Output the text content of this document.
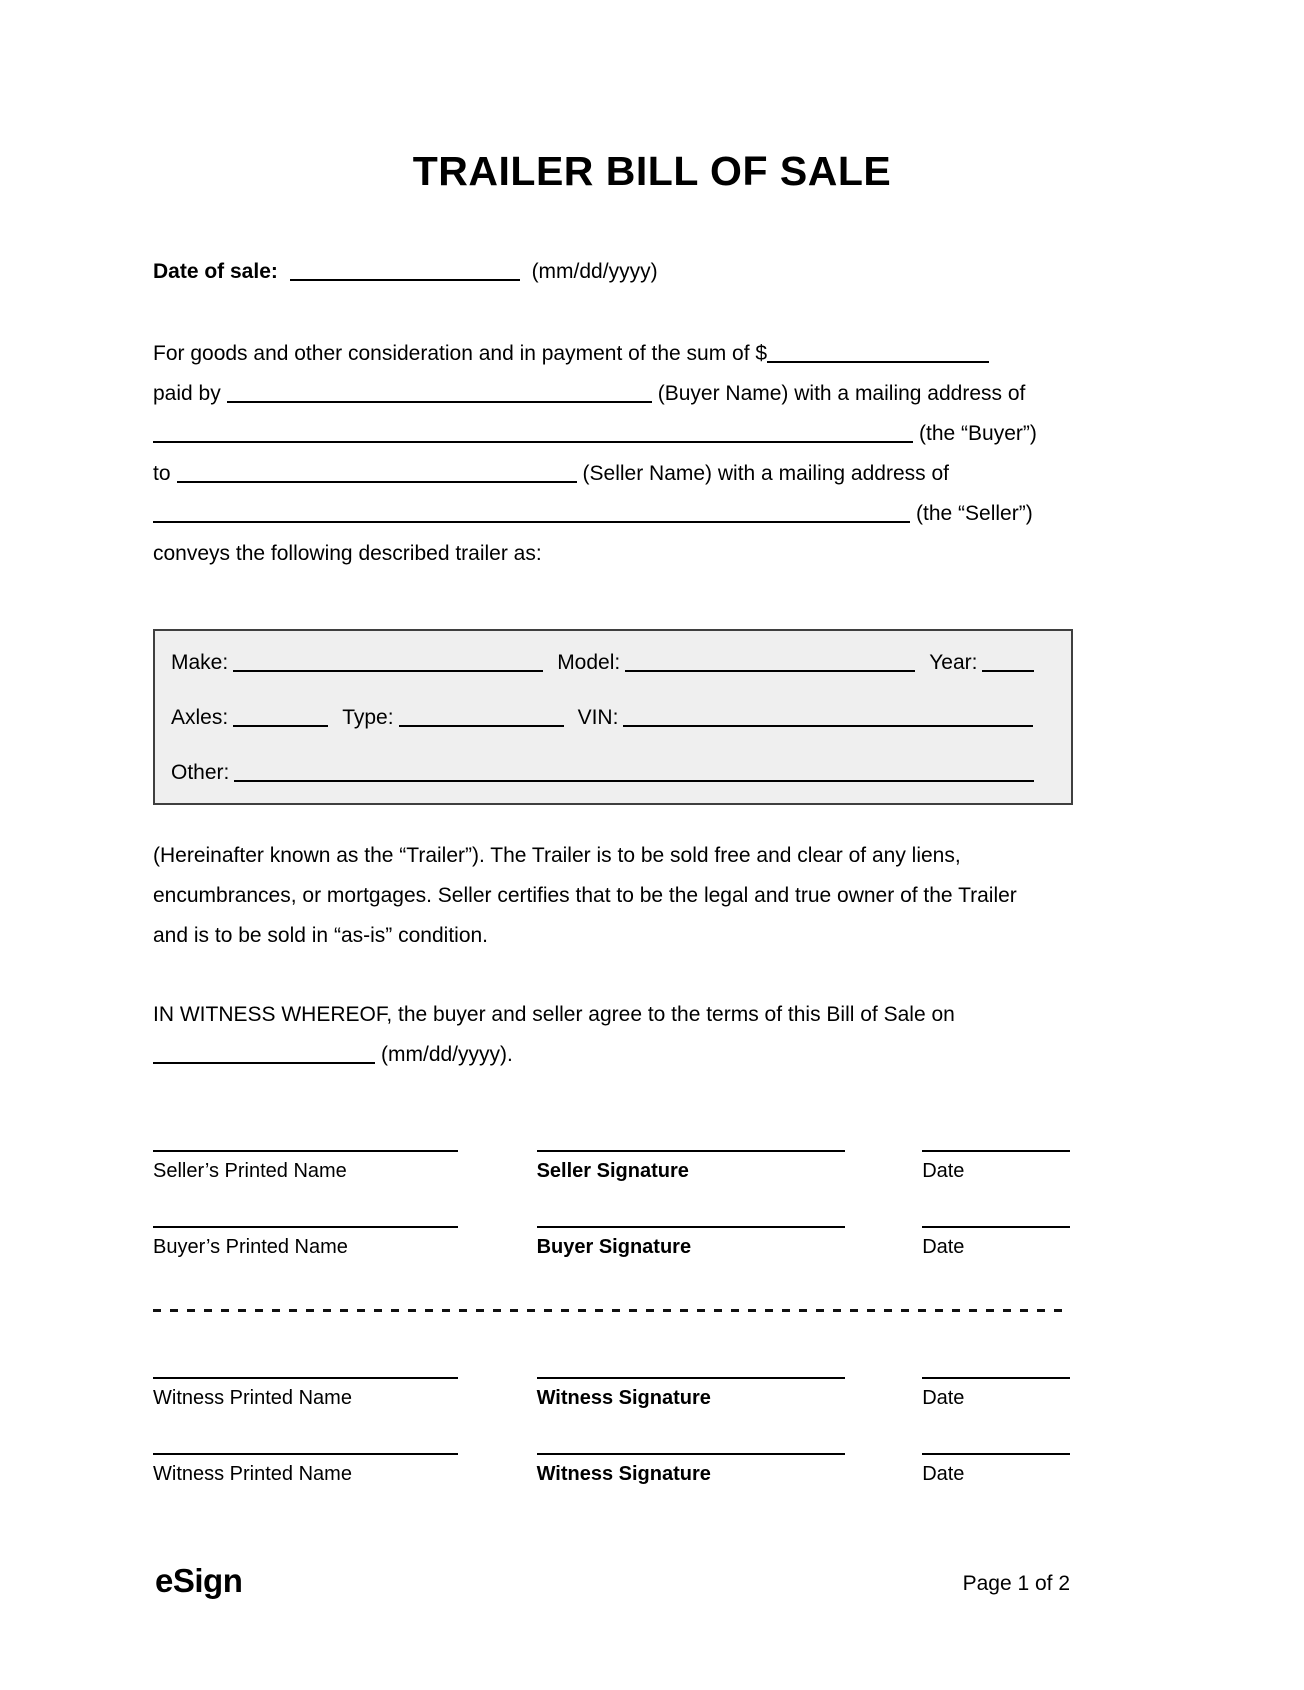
TRAILER BILL OF SALE
Date of sale:	(mm/dd/yyyy)
For goods and other consideration and in payment of the sum of $
paid by	(Buyer Name) with a mailing address of
(the “Buyer”)
to	(Seller Name) with a mailing address of
(the “Seller”)
conveys the following described trailer as:
Make:	Model:	Year:
Axles:	Type:	VIN:
Other:
(Hereinafter known as the “Trailer”). The Trailer is to be sold free and clear of any liens,
encumbrances, or mortgages. Seller certifies that to be the legal and true owner of the Trailer
and is to be sold in “as-is” condition.
IN WITNESS WHEREOF, the buyer and seller agree to the terms of this Bill of Sale on
(mm/dd/yyyy).
Seller’s Printed Name	Seller Signature	Date
Buyer’s Printed Name	Buyer Signature	Date
Witness Printed Name	Witness Signature	Date
Witness Printed Name	Witness Signature	Date
eSign	Page 1 of 2
